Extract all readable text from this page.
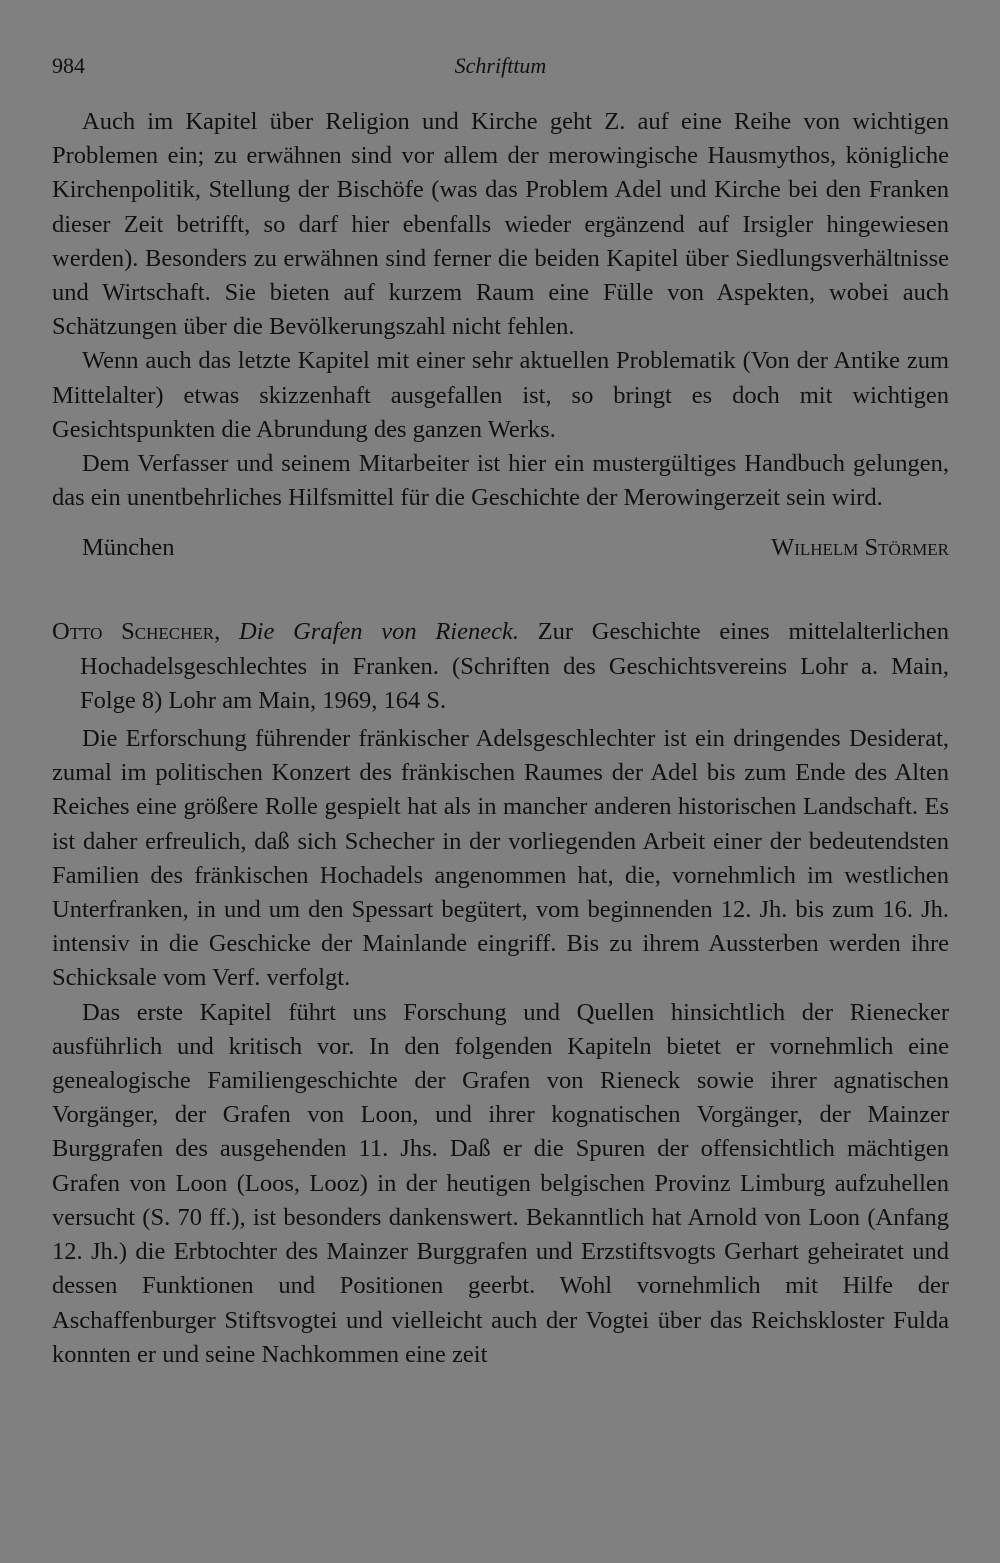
984	Schrifttum

Auch im Kapitel über Religion und Kirche geht Z. auf eine Reihe von wichtigen Problemen ein; zu erwähnen sind vor allem der merowingische Hausmythos, königliche Kirchenpolitik, Stellung der Bischöfe (was das Problem Adel und Kirche bei den Franken dieser Zeit betrifft, so darf hier ebenfalls wieder ergänzend auf Irsigler hingewiesen werden). Besonders zu erwähnen sind ferner die beiden Kapitel über Siedlungsverhältnisse und Wirtschaft. Sie bieten auf kurzem Raum eine Fülle von Aspekten, wobei auch Schätzungen über die Bevölkerungszahl nicht fehlen.

Wenn auch das letzte Kapitel mit einer sehr aktuellen Problematik (Von der Antike zum Mittelalter) etwas skizzenhaft ausgefallen ist, so bringt es doch mit wichtigen Gesichtspunkten die Abrundung des ganzen Werks.

Dem Verfasser und seinem Mitarbeiter ist hier ein mustergültiges Handbuch gelungen, das ein unentbehrliches Hilfsmittel für die Geschichte der Merowingerzeit sein wird.

München	Wilhelm Störmer

Otto Schecher, Die Grafen von Rieneck. Zur Geschichte eines mittelalterlichen Hochadelsgeschlechtes in Franken. (Schriften des Geschichtsvereins Lohr a. Main, Folge 8) Lohr am Main, 1969, 164 S.

Die Erforschung führender fränkischer Adelsgeschlechter ist ein dringendes Desiderat, zumal im politischen Konzert des fränkischen Raumes der Adel bis zum Ende des Alten Reiches eine größere Rolle gespielt hat als in mancher anderen historischen Landschaft. Es ist daher erfreulich, daß sich Schecher in der vorliegenden Arbeit einer der bedeutendsten Familien des fränkischen Hochadels angenommen hat, die, vornehmlich im westlichen Unterfranken, in und um den Spessart begütert, vom beginnenden 12. Jh. bis zum 16. Jh. intensiv in die Geschicke der Mainlande eingriff. Bis zu ihrem Aussterben werden ihre Schicksale vom Verf. verfolgt.

Das erste Kapitel führt uns Forschung und Quellen hinsichtlich der Rienecker ausführlich und kritisch vor. In den folgenden Kapiteln bietet er vornehmlich eine genealogische Familiengeschichte der Grafen von Rieneck sowie ihrer agnatischen Vorgänger, der Grafen von Loon, und ihrer kognatischen Vorgänger, der Mainzer Burggrafen des ausgehenden 11. Jhs. Daß er die Spuren der offensichtlich mächtigen Grafen von Loon (Loos, Looz) in der heutigen belgischen Provinz Limburg aufzuhellen versucht (S. 70 ff.), ist besonders dankenswert. Bekanntlich hat Arnold von Loon (Anfang 12. Jh.) die Erbtochter des Mainzer Burggrafen und Erzstiftsvogts Gerhart geheiratet und dessen Funktionen und Positionen geerbt. Wohl vornehmlich mit Hilfe der Aschaffenburger Stiftsvogtei und vielleicht auch der Vogtei über das Reichskloster Fulda konnten er und seine Nachkommen eine zeit
